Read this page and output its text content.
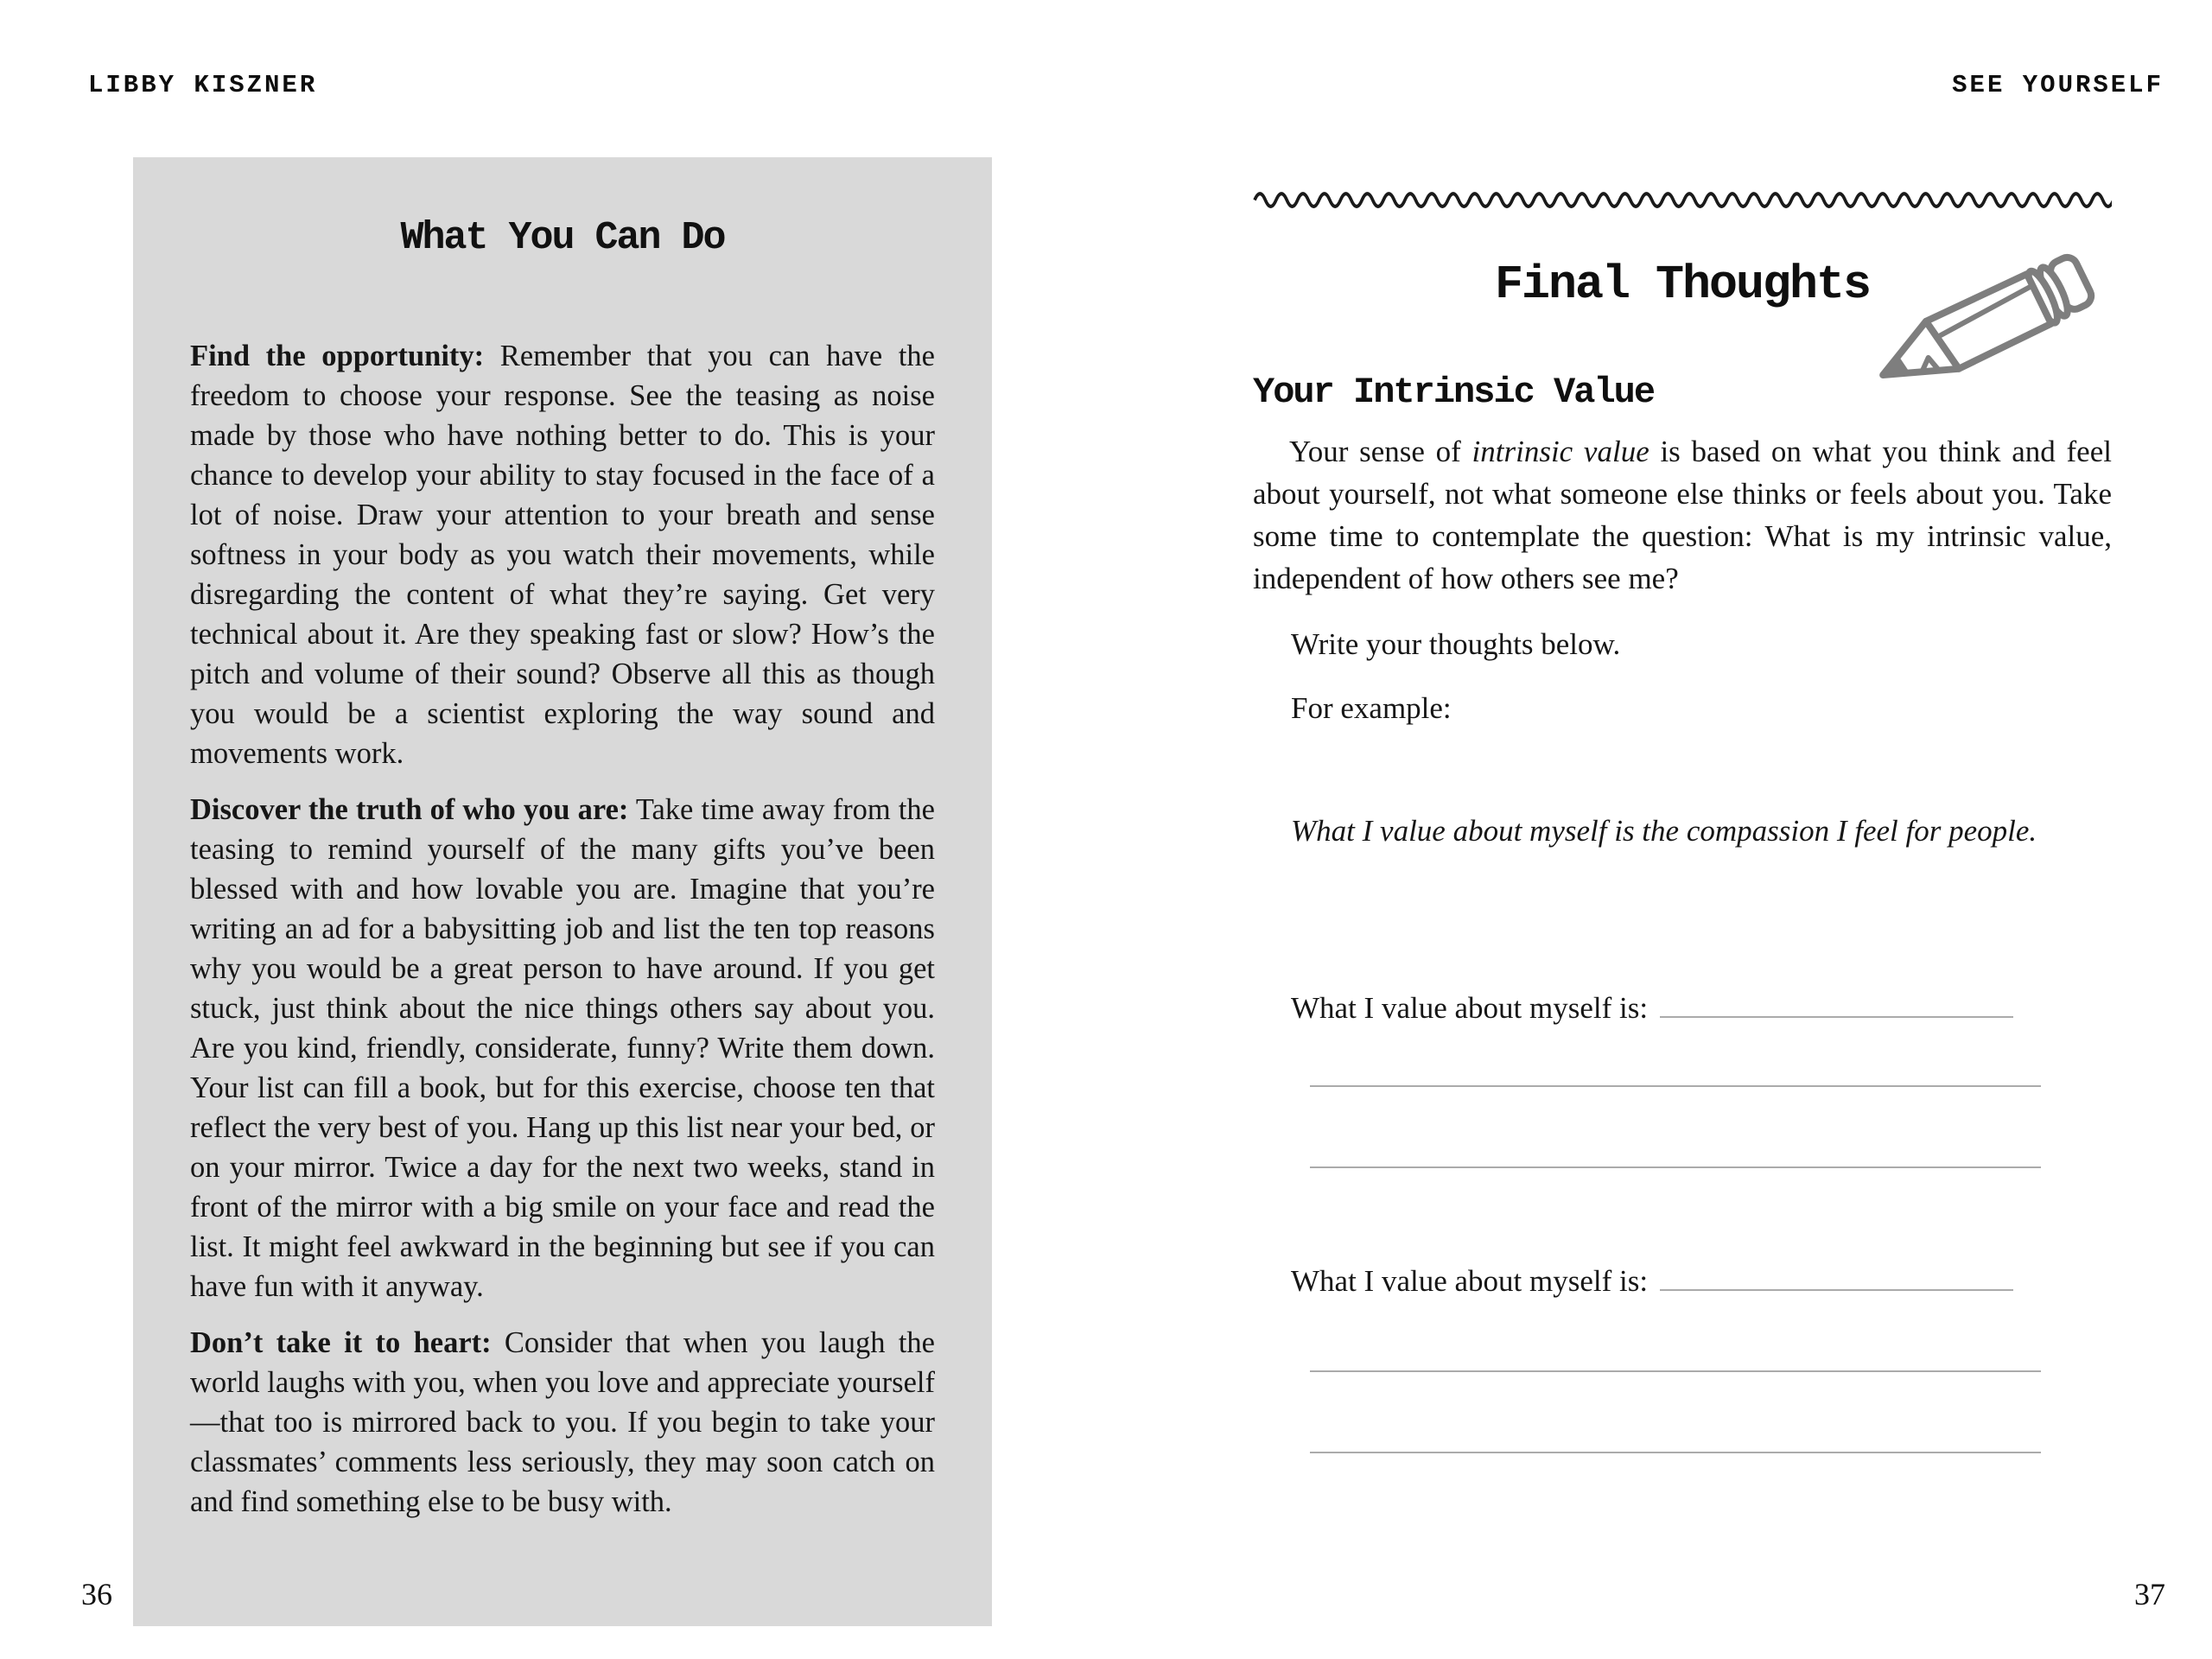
LIBBY KISZNER	SEE YOURSELF
What You Can Do

Find the opportunity: Remember that you can have the freedom to choose your response. See the teasing as noise made by those who have nothing better to do. This is your chance to develop your ability to stay focused in the face of a lot of noise. Draw your attention to your breath and sense softness in your body as you watch their movements, while disregarding the content of what they’re saying. Get very technical about it. Are they speaking fast or slow? How’s the pitch and volume of their sound? Observe all this as though you would be a scientist exploring the way sound and movements work.

Discover the truth of who you are: Take time away from the teasing to remind yourself of the many gifts you’ve been blessed with and how lovable you are. Imagine that you’re writing an ad for a babysitting job and list the ten top reasons why you would be a great person to have around. If you get stuck, just think about the nice things others say about you. Are you kind, friendly, considerate, funny? Write them down. Your list can fill a book, but for this exercise, choose ten that reflect the very best of you. Hang up this list near your bed, or on your mirror. Twice a day for the next two weeks, stand in front of the mirror with a big smile on your face and read the list. It might feel awkward in the beginning but see if you can have fun with it anyway.

Don’t take it to heart: Consider that when you laugh the world laughs with you, when you love and appreciate yourself—that too is mirrored back to you. If you begin to take your classmates’ comments less seriously, they may soon catch on and find something else to be busy with.

36
Final Thoughts
Your Intrinsic Value
Your sense of intrinsic value is based on what you think and feel about yourself, not what someone else thinks or feels about you. Take some time to contemplate the question: What is my intrinsic value, independent of how others see me?
Write your thoughts below.
For example:
What I value about myself is the compassion I feel for people.
What I value about myself is:
What I value about myself is:
37
